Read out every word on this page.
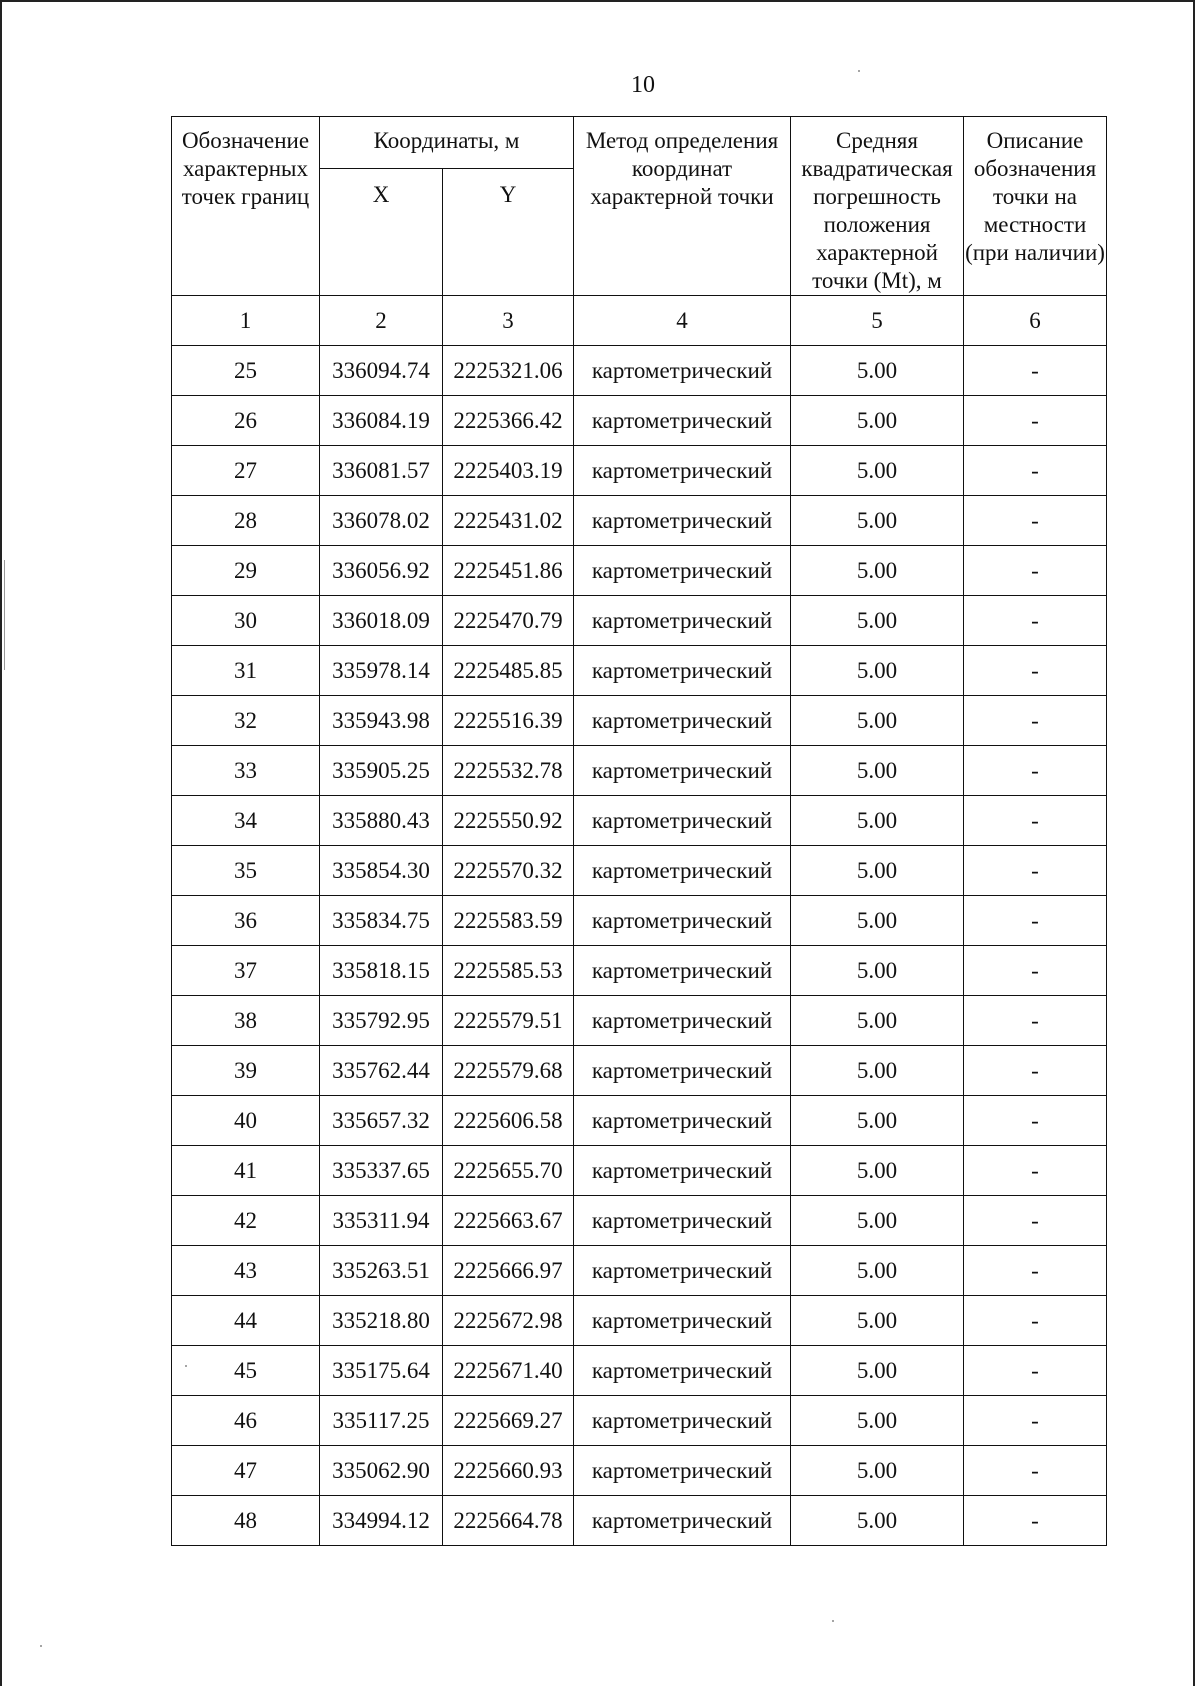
10
Обозначение характерных точек границ	Координаты, м		Метод определения координат характерной точки	Средняя квадратическая погрешность положения характерной точки (Mt), м	Описание обозначения точки на местности (при наличии)
	X	Y			
1	2	3	4	5	6
25	336094.74	2225321.06	картометрический	5.00	-
26	336084.19	2225366.42	картометрический	5.00	-
27	336081.57	2225403.19	картометрический	5.00	-
28	336078.02	2225431.02	картометрический	5.00	-
29	336056.92	2225451.86	картометрический	5.00	-
30	336018.09	2225470.79	картометрический	5.00	-
31	335978.14	2225485.85	картометрический	5.00	-
32	335943.98	2225516.39	картометрический	5.00	-
33	335905.25	2225532.78	картометрический	5.00	-
34	335880.43	2225550.92	картометрический	5.00	-
35	335854.30	2225570.32	картометрический	5.00	-
36	335834.75	2225583.59	картометрический	5.00	-
37	335818.15	2225585.53	картометрический	5.00	-
38	335792.95	2225579.51	картометрический	5.00	-
39	335762.44	2225579.68	картометрический	5.00	-
40	335657.32	2225606.58	картометрический	5.00	-
41	335337.65	2225655.70	картометрический	5.00	-
42	335311.94	2225663.67	картометрический	5.00	-
43	335263.51	2225666.97	картометрический	5.00	-
44	335218.80	2225672.98	картометрический	5.00	-
45	335175.64	2225671.40	картометрический	5.00	-
46	335117.25	2225669.27	картометрический	5.00	-
47	335062.90	2225660.93	картометрический	5.00	-
48	334994.12	2225664.78	картометрический	5.00	-
